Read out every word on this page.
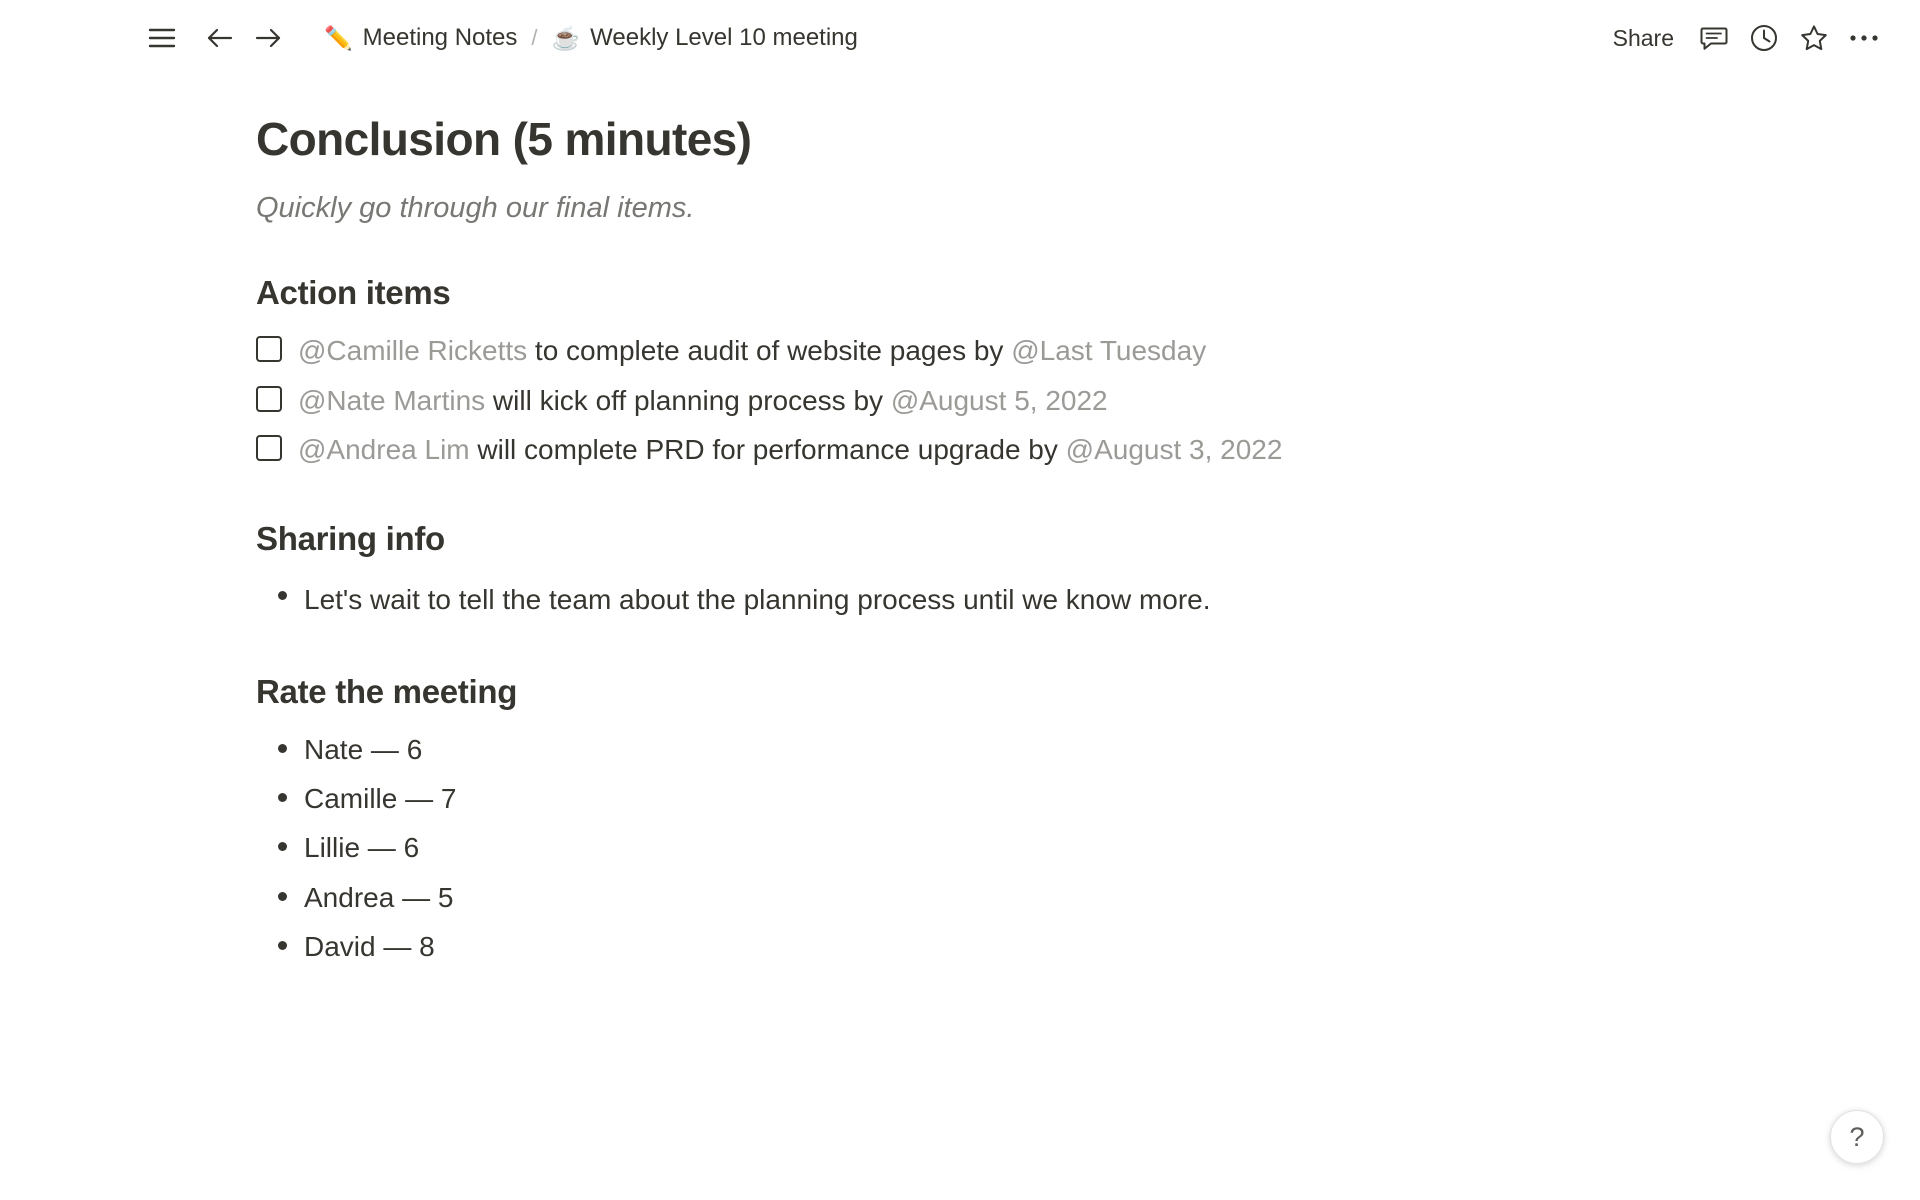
✏️ Meeting Notes / ☕ Weekly Level 10 meeting	Share
Conclusion (5 minutes)
Quickly go through our final items.
Action items
@Camille Ricketts to complete audit of website pages by @Last Tuesday
@Nate Martins will kick off planning process by @August 5, 2022
@Andrea Lim will complete PRD for performance upgrade by @August 3, 2022
Sharing info
Let's wait to tell the team about the planning process until we know more.
Rate the meeting
Nate — 6
Camille — 7
Lillie — 6
Andrea — 5
David — 8
?
